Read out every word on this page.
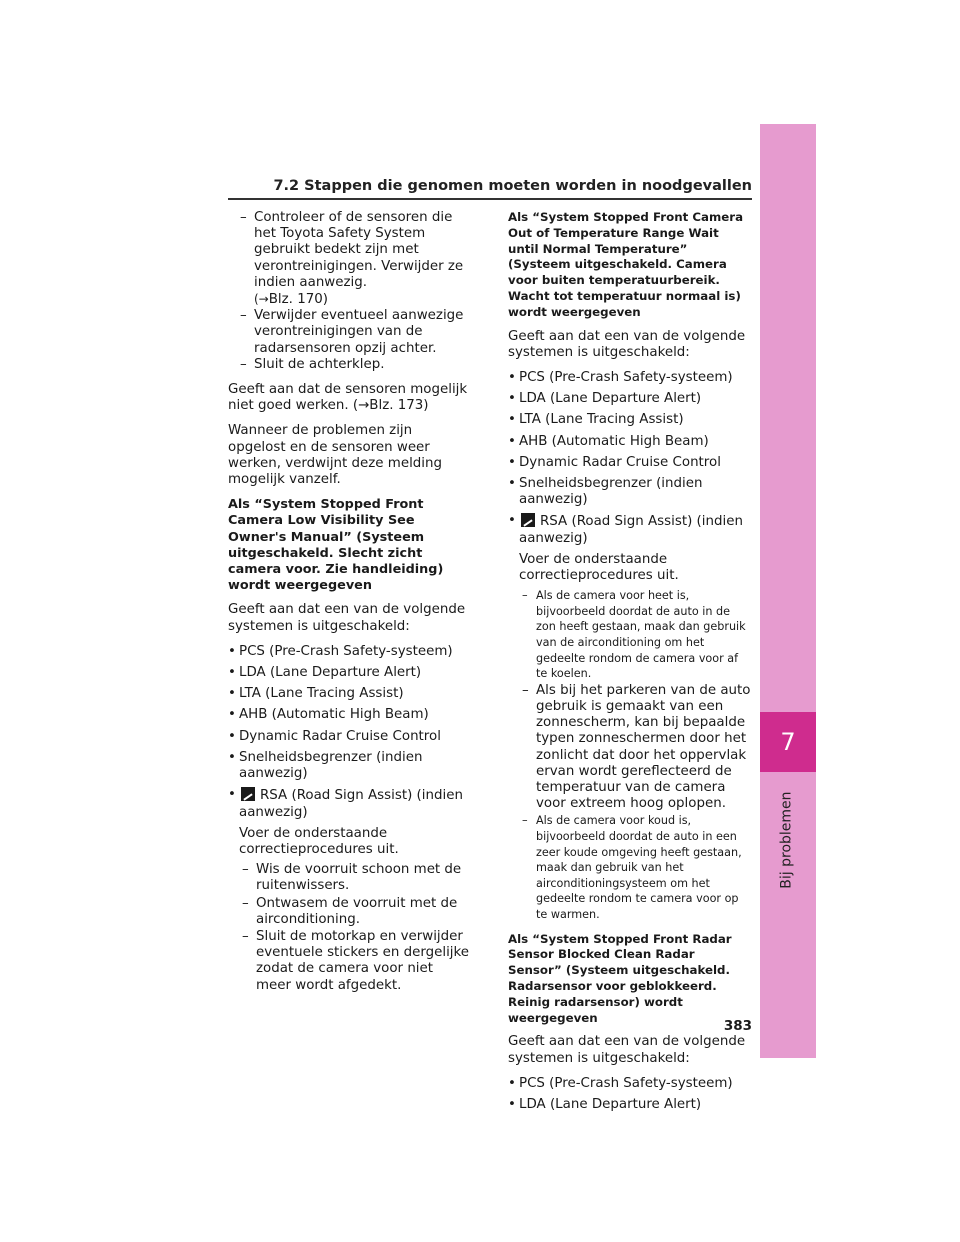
7.2 Stappen die genomen moeten worden in noodgevallen
7
Bij problemen
– Controleer of de sensoren die het Toyota Safety System gebruikt bedekt zijn met verontreinigingen. Verwijder ze indien aanwezig.
(→Blz. 170)
– Verwijder eventueel aanwezige verontreinigingen van de radarsensoren opzij achter.
– Sluit de achterklep.

Geeft aan dat de sensoren mogelijk niet goed werken. (→Blz. 173)

Wanneer de problemen zijn opgelost en de sensoren weer werken, verdwijnt deze melding mogelijk vanzelf.

Als “System Stopped Front Camera Low Visibility See Owner's Manual” (Systeem uitgeschakeld. Slecht zicht camera voor. Zie handleiding) wordt weergegeven

Geeft aan dat een van de volgende systemen is uitgeschakeld:

• PCS (Pre-Crash Safety-systeem)
• LDA (Lane Departure Alert)
• LTA (Lane Tracing Assist)
• AHB (Automatic High Beam)
• Dynamic Radar Cruise Control
• Snelheidsbegrenzer (indien aanwezig)
• RSA (Road Sign Assist) (indien aanwezig)
Voer de onderstaande correctieprocedures uit.
– Wis de voorruit schoon met de ruitenwissers.
– Ontwasem de voorruit met de airconditioning.
– Sluit de motorkap en verwijder eventuele stickers en dergelijke zodat de camera voor niet meer wordt afgedekt.

Als “System Stopped Front Camera Out of Temperature Range Wait until Normal Temperature” (Systeem uitgeschakeld. Camera voor buiten temperatuurbereik. Wacht tot temperatuur normaal is) wordt weergegeven

Geeft aan dat een van de volgende systemen is uitgeschakeld:

• PCS (Pre-Crash Safety-systeem)
• LDA (Lane Departure Alert)
• LTA (Lane Tracing Assist)
• AHB (Automatic High Beam)
• Dynamic Radar Cruise Control
• Snelheidsbegrenzer (indien aanwezig)
• RSA (Road Sign Assist) (indien aanwezig)
Voer de onderstaande correctieprocedures uit.
– Als de camera voor heet is, bijvoorbeeld doordat de auto in de zon heeft gestaan, maak dan gebruik van de airconditioning om het gedeelte rondom de camera voor af te koelen.
– Als bij het parkeren van de auto gebruik is gemaakt van een zonnescherm, kan bij bepaalde typen zonneschermen door het zonlicht dat door het oppervlak ervan wordt gereflecteerd de temperatuur van de camera voor extreem hoog oplopen.
– Als de camera voor koud is, bijvoorbeeld doordat de auto in een zeer koude omgeving heeft gestaan, maak dan gebruik van het airconditioningsysteem om het gedeelte rondom te camera voor op te warmen.

Als “System Stopped Front Radar Sensor Blocked Clean Radar Sensor” (Systeem uitgeschakeld. Radarsensor voor geblokkeerd. Reinig radarsensor) wordt weergegeven

Geeft aan dat een van de volgende systemen is uitgeschakeld:

• PCS (Pre-Crash Safety-systeem)
• LDA (Lane Departure Alert)
383
